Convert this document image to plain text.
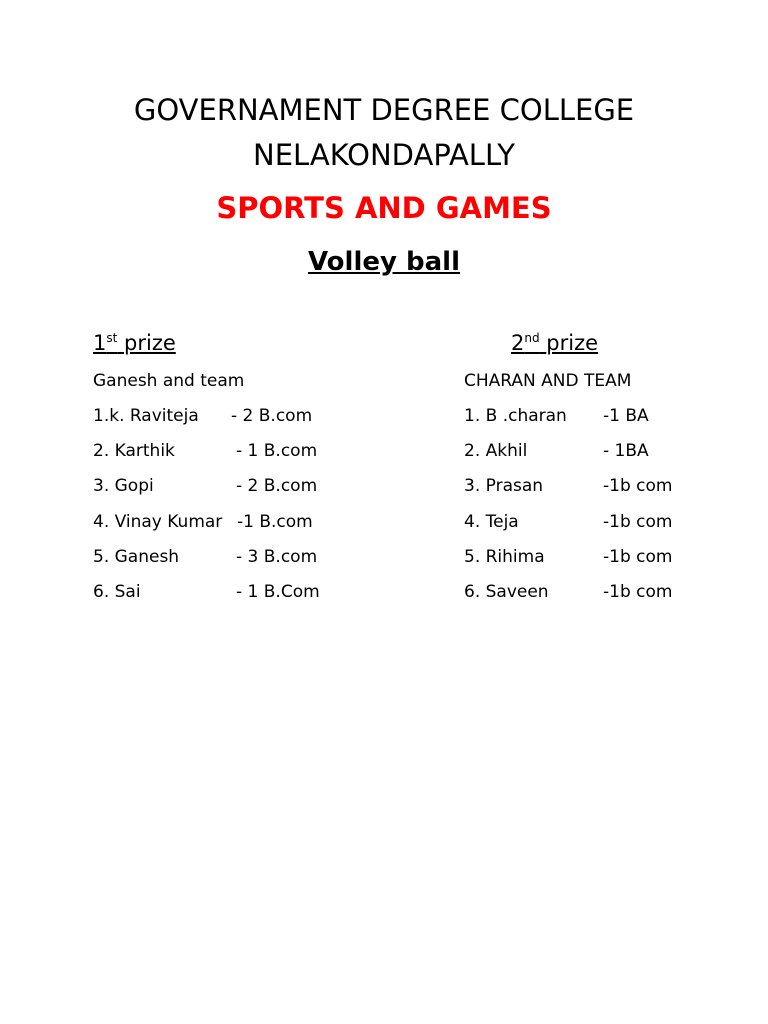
GOVERNAMENT DEGREE COLLEGE
NELAKONDAPALLY
SPORTS AND GAMES
Volley ball
1st prize
Ganesh and team
1.k. Raviteja - 2 B.com
2. Karthik	- 1 B.com
3. Gopi	- 2 B.com
4. Vinay Kumar -1 B.com
5. Ganesh	- 3 B.com
6. Sai	- 1 B.Com
2nd prize
CHARAN AND TEAM
1. B .charan -1 BA
2. Akhil	- 1BA
3. Prasan	-1b com
4. Teja	-1b com
5. Rihima	-1b com
6. Saveen	-1b com
